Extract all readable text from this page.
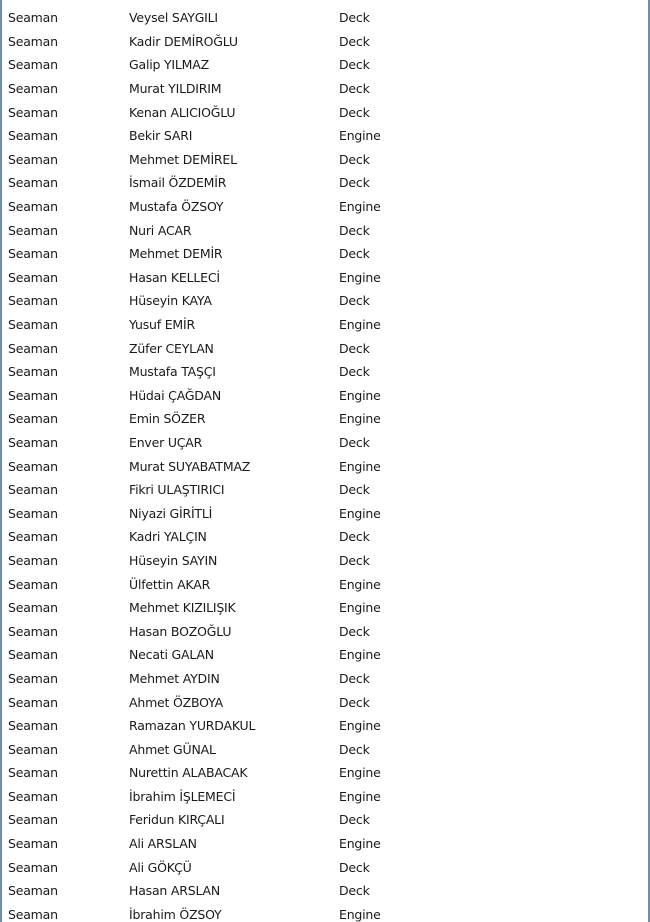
Seaman	Veysel SAYGILI	Deck
Seaman	Kadir DEMİROĞLU	Deck
Seaman	Galip YILMAZ	Deck
Seaman	Murat YILDIRIM	Deck
Seaman	Kenan ALICIOĞLU	Deck
Seaman	Bekir SARI	Engine
Seaman	Mehmet DEMİREL	Deck
Seaman	İsmail ÖZDEMİR	Deck
Seaman	Mustafa ÖZSOY	Engine
Seaman	Nuri ACAR	Deck
Seaman	Mehmet DEMİR	Deck
Seaman	Hasan KELLECİ	Engine
Seaman	Hüseyin KAYA	Deck
Seaman	Yusuf EMİR	Engine
Seaman	Züfer CEYLAN	Deck
Seaman	Mustafa TAŞÇI	Deck
Seaman	Hüdai ÇAĞDAN	Engine
Seaman	Emin SÖZER	Engine
Seaman	Enver UÇAR	Deck
Seaman	Murat SUYABATMAZ	Engine
Seaman	Fikri ULAŞTIRICI	Deck
Seaman	Niyazi GİRİTLİ	Engine
Seaman	Kadri YALÇIN	Deck
Seaman	Hüseyin SAYIN	Deck
Seaman	Ülfettin AKAR	Engine
Seaman	Mehmet KIZILIŞIK	Engine
Seaman	Hasan BOZOĞLU	Deck
Seaman	Necati GALAN	Engine
Seaman	Mehmet AYDIN	Deck
Seaman	Ahmet ÖZBOYA	Deck
Seaman	Ramazan YURDAKUL	Engine
Seaman	Ahmet GÜNAL	Deck
Seaman	Nurettin ALABACAK	Engine
Seaman	İbrahim İŞLEMECİ	Engine
Seaman	Feridun KIRÇALI	Deck
Seaman	Ali ARSLAN	Engine
Seaman	Ali GÖKÇÜ	Deck
Seaman	Hasan ARSLAN	Deck
Seaman	İbrahim ÖZSOY	Engine
